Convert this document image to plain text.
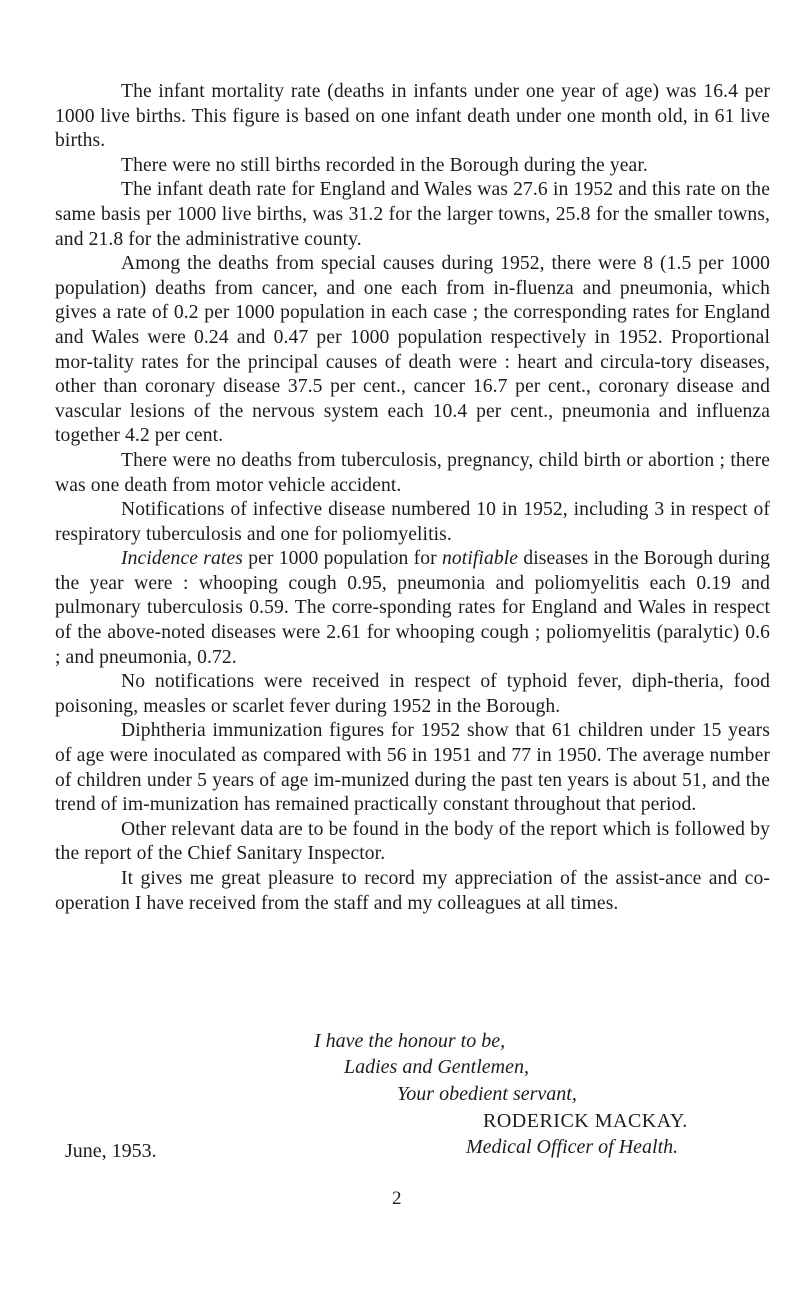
The infant mortality rate (deaths in infants under one year of age) was 16.4 per 1000 live births. This figure is based on one infant death under one month old, in 61 live births.

There were no still births recorded in the Borough during the year.

The infant death rate for England and Wales was 27.6 in 1952 and this rate on the same basis per 1000 live births, was 31.2 for the larger towns, 25.8 for the smaller towns, and 21.8 for the administrative county.

Among the deaths from special causes during 1952, there were 8 (1.5 per 1000 population) deaths from cancer, and one each from in-fluenza and pneumonia, which gives a rate of 0.2 per 1000 population in each case ; the corresponding rates for England and Wales were 0.24 and 0.47 per 1000 population respectively in 1952. Proportional mor-tality rates for the principal causes of death were : heart and circula-tory diseases, other than coronary disease 37.5 per cent., cancer 16.7 per cent., coronary disease and vascular lesions of the nervous system each 10.4 per cent., pneumonia and influenza together 4.2 per cent.

There were no deaths from tuberculosis, pregnancy, child birth or abortion ; there was one death from motor vehicle accident.

Notifications of infective disease numbered 10 in 1952, including 3 in respect of respiratory tuberculosis and one for poliomyelitis.

Incidence rates per 1000 population for notifiable diseases in the Borough during the year were : whooping cough 0.95, pneumonia and poliomyelitis each 0.19 and pulmonary tuberculosis 0.59. The corre-sponding rates for England and Wales in respect of the above-noted diseases were 2.61 for whooping cough ; poliomyelitis (paralytic) 0.6 ; and pneumonia, 0.72.

No notifications were received in respect of typhoid fever, diph-theria, food poisoning, measles or scarlet fever during 1952 in the Borough.

Diphtheria immunization figures for 1952 show that 61 children under 15 years of age were inoculated as compared with 56 in 1951 and 77 in 1950. The average number of children under 5 years of age im-munized during the past ten years is about 51, and the trend of im-munization has remained practically constant throughout that period.

Other relevant data are to be found in the body of the report which is followed by the report of the Chief Sanitary Inspector.

It gives me great pleasure to record my appreciation of the assist-ance and co-operation I have received from the staff and my colleagues at all times.

I have the honour to be,
Ladies and Gentlemen,
Your obedient servant,
RODERICK MACKAY.
Medical Officer of Health.
June, 1953.
2
